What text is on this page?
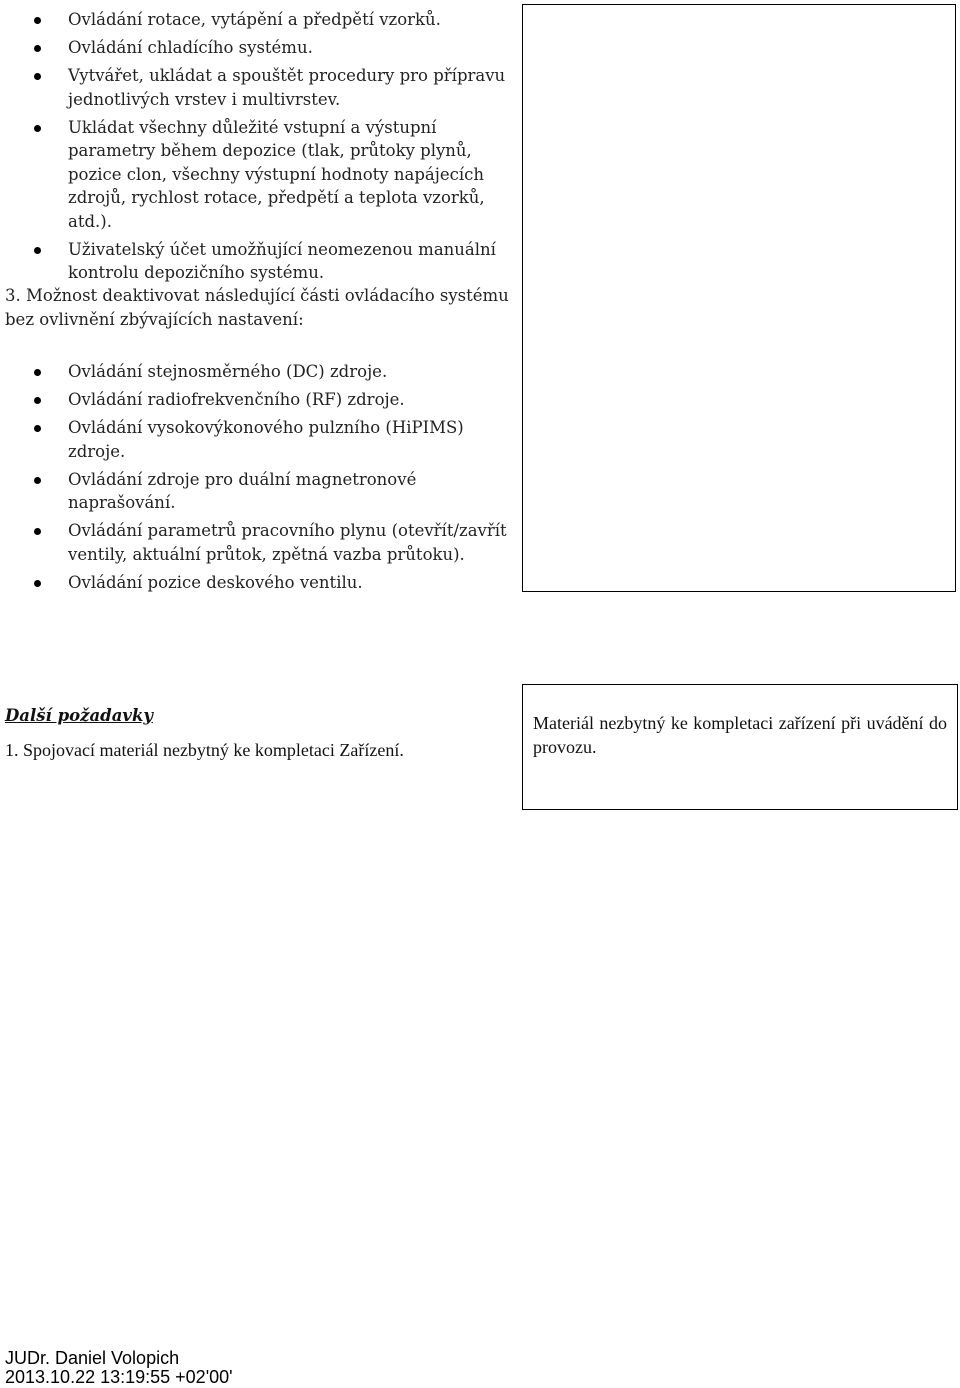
Ovládání rotace, vytápění a předpětí vzorků.
Ovládání chladícího systému.
Vytvářet, ukládat a spouštět procedury pro přípravu jednotlivých vrstev i multivrstev.
Ukládat všechny důležité vstupní a výstupní parametry během depozice (tlak, průtoky plynů, pozice clon, všechny výstupní hodnoty napájecích zdrojů, rychlost rotace, předpětí a teplota vzorků, atd.).
Uživatelský účet umožňující neomezenou manuální kontrolu depozičního systému.
3. Možnost deaktivovat následující části ovládacího systému bez ovlivnění zbývajících nastavení:
Ovládání stejnosměrného (DC) zdroje.
Ovládání radiofrekvenčního (RF) zdroje.
Ovládání vysokovýkonového pulzního (HiPIMS) zdroje.
Ovládání zdroje pro duální magnetronové naprašování.
Ovládání parametrů pracovního plynu (otevřít/zavřít ventily, aktuální průtok, zpětná vazba průtoku).
Ovládání pozice deskového ventilu.
Další požadavky
1. Spojovací materiál nezbytný ke kompletaci Zařízení.

Materiál nezbytný ke kompletaci zařízení při uvádění do provozu.

JUDr. Daniel Volopich
2013.10.22 13:19:55 +02'00'
